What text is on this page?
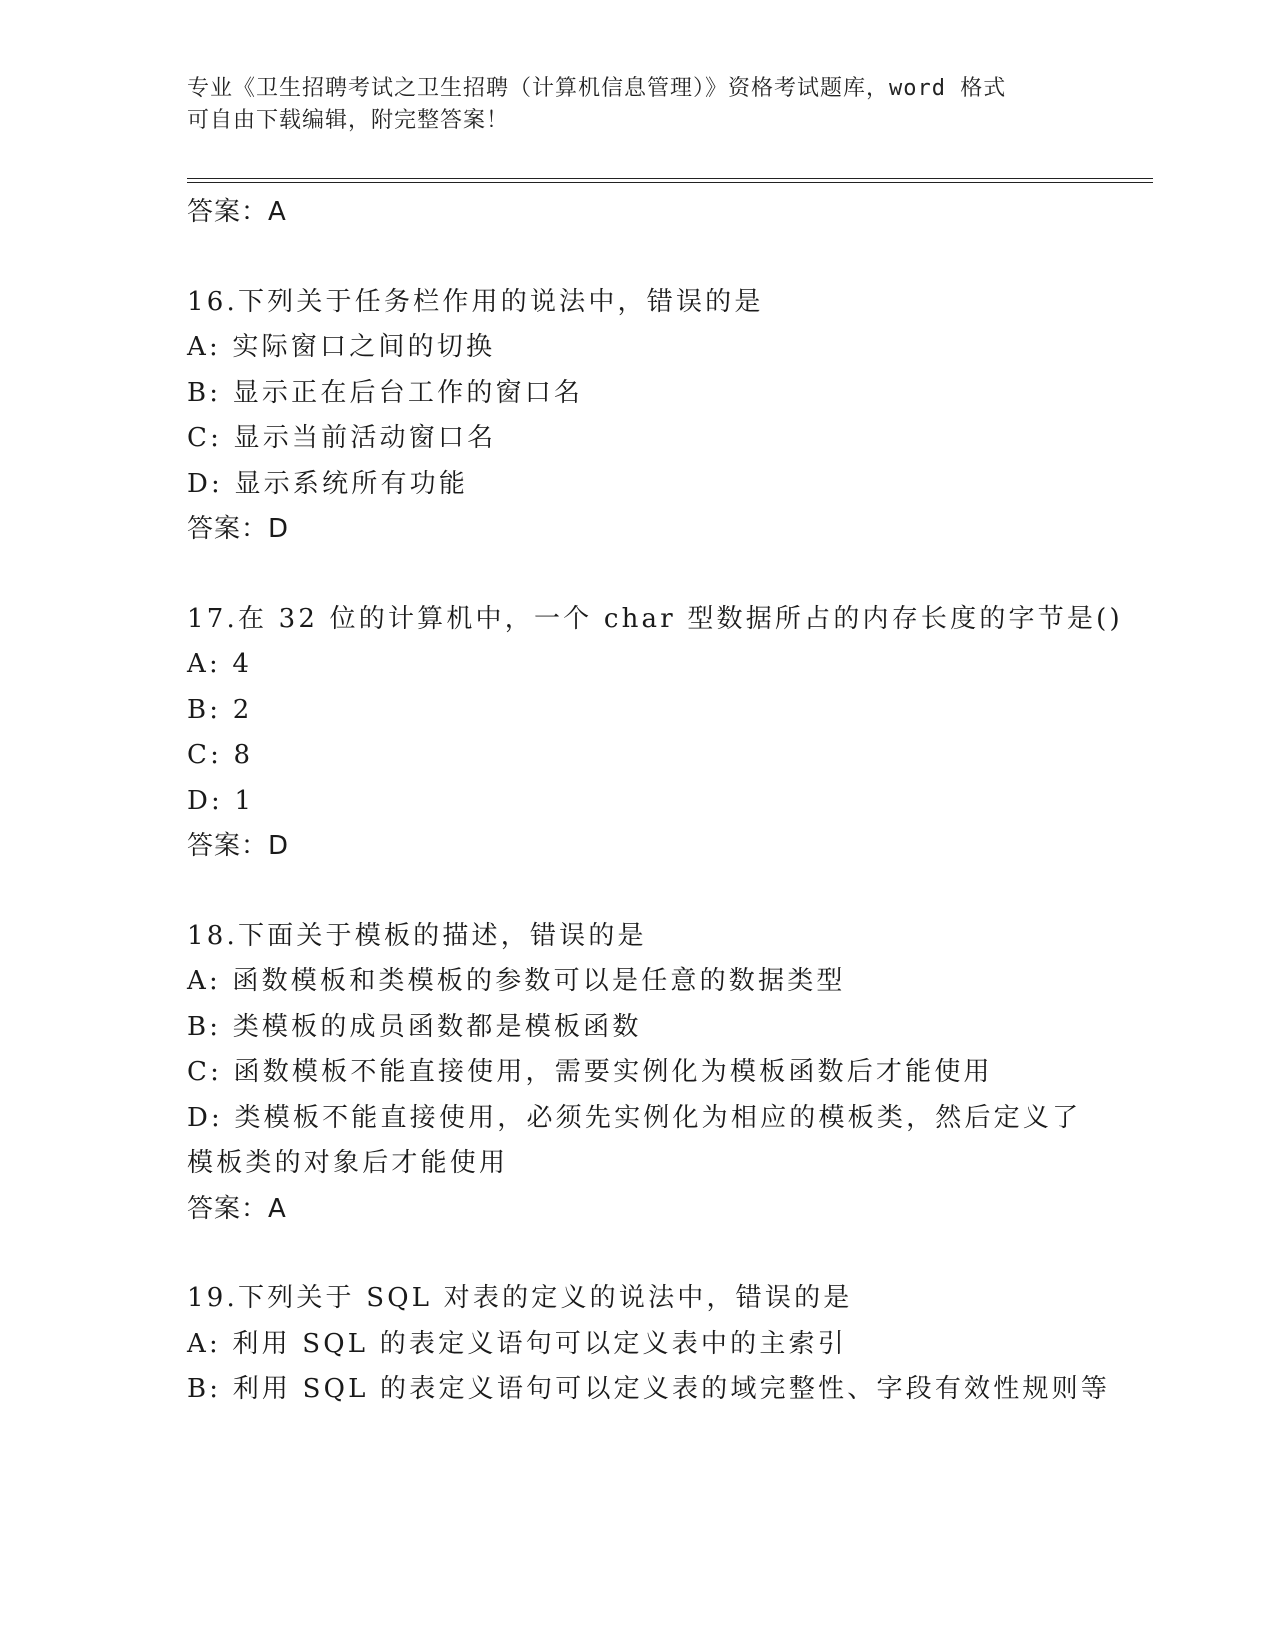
专业《卫生招聘考试之卫生招聘（计算机信息管理）》资格考试题库，word 格式
可自由下载编辑，附完整答案！
答案：A
16.下列关于任务栏作用的说法中，错误的是
A: 实际窗口之间的切换
B: 显示正在后台工作的窗口名
C: 显示当前活动窗口名
D: 显示系统所有功能
答案：D
17.在 32 位的计算机中，一个 char 型数据所占的内存长度的字节是()
A: 4
B: 2
C: 8
D: 1
答案：D
18.下面关于模板的描述，错误的是
A: 函数模板和类模板的参数可以是任意的数据类型
B: 类模板的成员函数都是模板函数
C: 函数模板不能直接使用，需要实例化为模板函数后才能使用
D: 类模板不能直接使用，必须先实例化为相应的模板类，然后定义了
模板类的对象后才能使用
答案：A
19.下列关于 SQL 对表的定义的说法中，错误的是
A: 利用 SQL 的表定义语句可以定义表中的主索引
B: 利用 SQL 的表定义语句可以定义表的域完整性、字段有效性规则等
